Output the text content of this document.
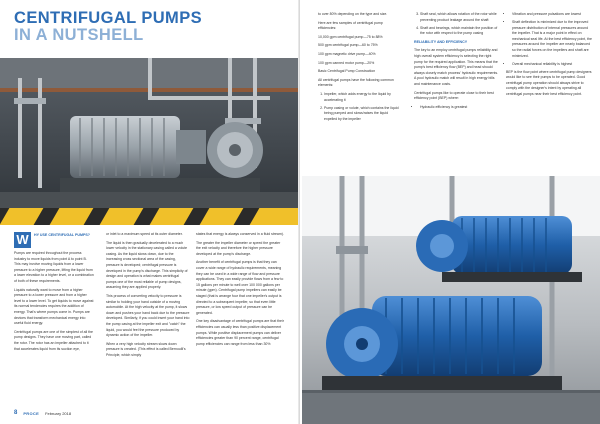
CENTRIFUGAL PUMPS
IN A NUTSHELL
W	HY USE CENTRIFUGAL PUMPS?

Pumps are required throughout the process industry to move liquids from point A to point B. This may involve moving liquids from a lower pressure to a higher pressure, lifting the liquid from a lower elevation to a higher level, or a combination of both of these requirements.

Liquids naturally want to move from a higher pressure to a lower pressure and from a higher level to a lower level. To get liquids to move against its normal tendencies requires the addition of energy. That's where pumps come in. Pumps are devices that transform mechanical energy into useful fluid energy.

Centrifugal pumps are one of the simplest of all the pump designs. They have one moving part, called the rotor. The rotor has an impeller attached to it that accelerates liquid from its suction eye,

or inlet to a maximum speed at its outer diameter.

The liquid is then gradually decelerated to a much lower velocity in the stationary casing called a volute casing. As the liquid slows down, due to the increasing cross sectional area of the casing, pressure is developed; centrifugal pressure is developed in the pump's discharge. This simplicity of design and operation is what makes centrifugal pumps one of the most reliable of pump designs, assuming they are applied properly.

This process of converting velocity to pressure is similar to holding your hand outside of a moving automobile. At the high velocity at the pump, it slows down and pushes your hand back due to the pressure developed. Similarly, if you could insert your hand into the pump casing at the impeller exit and "catch" the liquid, you would feel the pressure produced by dynamic action of the impeller.

When a very high velocity stream slows down pressure is created. (This effect is called Bernoulli's Principle, which simply

states that energy is always conserved in a fluid stream).

The greater the impeller diameter or speed the greater the exit velocity and therefore the higher pressure developed at the pump's discharge.

Another benefit of centrifugal pumps is that they can cover a wide range of hydraulic requirements, meaning they can be used in a wide range of flow and pressure applications. They can easily provide flows from a few to 15 gallons per minute to well over 100 000 gallons per minute (gpm). Centrifugal pump impellers can easily be staged (that is arrange four that one impeller's output is directed to a subsequent impeller, so that even little pressure, or low speed output of pressure can be generated.

One key disadvantage of centrifugal pumps are that their efficiencies can usually less than positive displacement pumps. While positive displacement pumps can deliver efficiencies greater than 90 percent range, centrifugal pump efficiencies can range from less than 30%

8 PROCE February 2018

to over 80% depending on the type and size.

Here are few samples of centrifugal pump efficiencies:

10,000 gpm centrifugal pump—75 to 88%

500 gpm centrifugal pump—60 to 75%

100 gpm magnetic drive pump—40%

100 gpm canned motor pump—20%

Basic Centrifugal Pump Construction

All centrifugal pumps have the following common elements:

1. Impeller, which adds energy to the liquid by accelerating it
2. Pump casing or volute, which contains the liquid being pumped and slows/raises the liquid expelled by the impeller
3. Shaft seal, which allows rotation of the rotor while preventing product leakage around the shaft
4. Shaft and bearings, which maintain the position of the rotor with respect to the pump casing
RELIABILITY AND EFFICIENCY

The key to an employ centrifugal pumps reliability and high overall system efficiency is selecting the right pump for the required application. This means that the pump's best efficiency flow (BEP) and head should always closely match process' hydraulic requirements. A pool hydraulic match will result in high energy bills and maintenance costs.

Centrifugal pumps like to operate close to their best efficiency point (BEP) where:

• Hydraulic efficiency is greatest
• Vibration and pressure pulsations are lowest
• Shaft deflection is minimized due to the improved pressure distribution of internal pressures around the impeller. That is a major point in effect on mechanical seal life. At the best efficiency point, the pressures around the impeller are nearly balanced so the radial forces on the impellers and shaft are minimized.
• Overall mechanical reliability is highest

BEP is the flow point where centrifugal pump designers would like to see their pumps to be operated. Good centrifugal pump operation should always strive to comply with the designer's intent by operating all centrifugal pumps near their best efficiency point.
